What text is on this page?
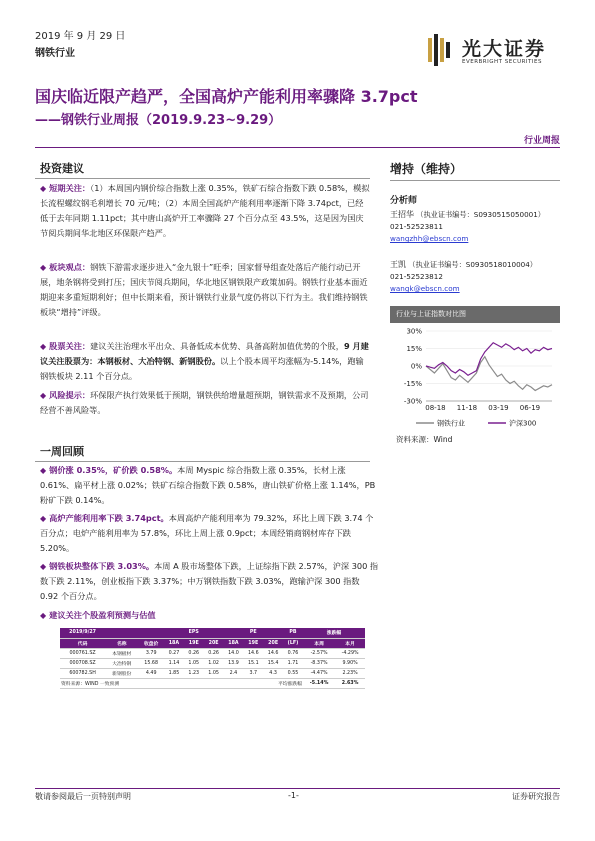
2019 年 9 月 29 日
钢铁行业	光大证券
EVERBRIGHT SECURITIES
国庆临近限产趋严，全国高炉产能利用率骤降 3.7pct
——钢铁行业周报（2019.9.23~9.29）
行业周报
投资建议
◆ 短期关注：（1）本周国内钢价综合指数上涨 0.35%，铁矿石综合指数下跌 0.58%，模拟长流程螺纹钢毛利增长 70 元/吨；（2）本周全国高炉产能利用率逐渐下降 3.74pct，已经低于去年同期 1.11pct；其中唐山高炉开工率骤降 27 个百分点至 43.5%，这是因为国庆节阅兵期间华北地区环保限产趋严。
◆ 板块观点：钢铁下游需求逐步进入“金九银十”旺季；国家督导组查处落后产能行动已开展，地条钢将受到打压；国庆节阅兵期间，华北地区钢铁限产政策加码。钢铁行业基本面近期迎来多重短期利好；但中长期来看，预计钢铁行业景气度仍将以下行为主。我们维持钢铁板块“增持”评级。
◆ 股票关注：建议关注治理水平出众、具备低成本优势、具备高附加值优势的个股，9 月建议关注股票为：本钢板材、大冶特钢、新钢股份。以上个股本周平均涨幅为-5.14%，跑输钢铁板块 2.11 个百分点。
◆ 风险提示：环保限产执行效果低于预期，钢铁供给增量超预期，钢铁需求不及预期，公司经营不善风险等。
一周回顾
◆ 钢价涨 0.35%，矿价跌 0.58%。本周 Myspic 综合指数上涨 0.35%，长材上涨 0.61%、扁平材上涨 0.02%；铁矿石综合指数下跌 0.58%，唐山铁矿价格上涨 1.14%，PB 粉矿下跌 0.14%。
◆ 高炉产能利用率下跌 3.74pct。本周高炉产能利用率为 79.32%，环比上周下跌 3.74 个百分点；电炉产能利用率为 57.8%，环比上周上涨 0.9pct；本周经销商钢材库存下跌 5.20%。
◆ 钢铁板块整体下跌 3.03%。本周 A 股市场整体下跌，上证综指下跌 2.57%，沪深 300 指数下跌 2.11%，创业板指下跌 3.37%；中万钢铁指数下跌 3.03%，跑输沪深 300 指数 0.92 个百分点。
◆ 建议关注个股盈利预测与估值
2019/9/27			EPS			PE			PB	涨跌幅	
代码	名称	收盘价	18A	19E	20E	18A	19E	20E	(LF)	本周	本月
000761.SZ	本钢板材	3.79	0.27	0.26	0.26	14.0	14.6	14.6	0.76	-2.57%	-4.29%
000708.SZ	大冶特钢	15.68	1.14	1.05	1.02	13.9	15.1	15.4	1.71	-8.37%	9.90%
600782.SH	新钢股份	4.49	1.85	1.23	1.05	2.4	3.7	4.3	0.55	-4.47%	2.23%
资料来源：WIND 一致预测						平均涨跌幅				-5.14%	2.63%
增持（维持）
分析师
王招华 （执业证书编号：S0930515050001）
021-52523811
wangzhh@ebscn.com
王凯 （执业证书编号：S0930518010004）
021-52523812
wangk@ebscn.com
行业与上证指数对比图
30%
15%
0%
-15%
-30%
08-18 11-18 03-19 06-19
钢铁行业	沪深300
资料来源：Wind
敬请参阅最后一页特别声明	-1-	证券研究报告
